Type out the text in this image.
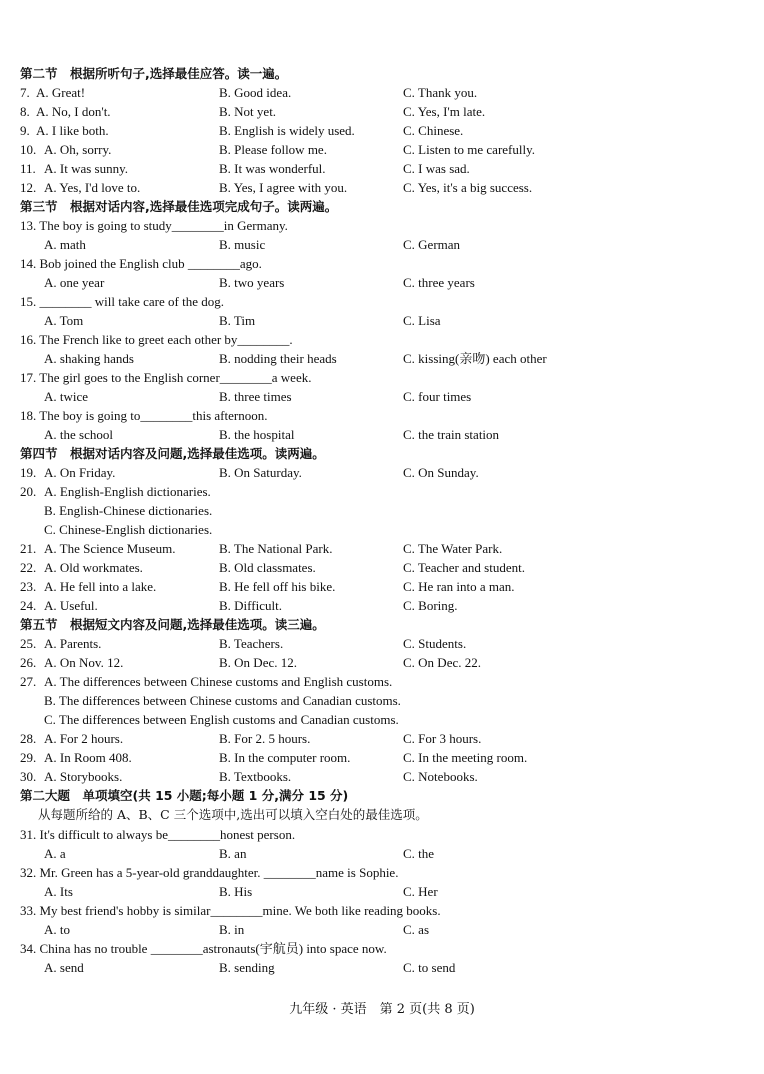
第二节　根据所听句子,选择最佳应答。读一遍。
7. A. Great!	B. Good idea.	C. Thank you.
8. A. No, I don't.	B. Not yet.	C. Yes, I'm late.
9. A. I like both.	B. English is widely used.	C. Chinese.
10. A. Oh, sorry.	B. Please follow me.	C. Listen to me carefully.
11. A. It was sunny.	B. It was wonderful.	C. I was sad.
12. A. Yes, I'd love to.	B. Yes, I agree with you.	C. Yes, it's a big success.
第三节　根据对话内容,选择最佳选项完成句子。读两遍。
13. The boy is going to study________in Germany.
A. math	B. music	C. German
14. Bob joined the English club ________ago.
A. one year	B. two years	C. three years
15. ________ will take care of the dog.
A. Tom	B. Tim	C. Lisa
16. The French like to greet each other by________.
A. shaking hands	B. nodding their heads	C. kissing(亲吻) each other
17. The girl goes to the English corner________a week.
A. twice	B. three times	C. four times
18. The boy is going to________this afternoon.
A. the school	B. the hospital	C. the train station
第四节　根据对话内容及问题,选择最佳选项。读两遍。
19. A. On Friday.	B. On Saturday.	C. On Sunday.
20. A. English-English dictionaries.
B. English-Chinese dictionaries.
C. Chinese-English dictionaries.
21. A. The Science Museum.	B. The National Park.	C. The Water Park.
22. A. Old workmates.	B. Old classmates.	C. Teacher and student.
23. A. He fell into a lake.	B. He fell off his bike.	C. He ran into a man.
24. A. Useful.	B. Difficult.	C. Boring.
第五节　根据短文内容及问题,选择最佳选项。读三遍。
25. A. Parents.	B. Teachers.	C. Students.
26. A. On Nov. 12.	B. On Dec. 12.	C. On Dec. 22.
27. A. The differences between Chinese customs and English customs.
B. The differences between Chinese customs and Canadian customs.
C. The differences between English customs and Canadian customs.
28. A. For 2 hours.	B. For 2. 5 hours.	C. For 3 hours.
29. A. In Room 408.	B. In the computer room.	C. In the meeting room.
30. A. Storybooks.	B. Textbooks.	C. Notebooks.
第二大题　单项填空(共 15 小题;每小题 1 分,满分 15 分)
从每题所给的 A、B、C 三个选项中,选出可以填入空白处的最佳选项。
31. It's difficult to always be________honest person.
A. a	B. an	C. the
32. Mr. Green has a 5-year-old granddaughter. ________name is Sophie.
A. Its	B. His	C. Her
33. My best friend's hobby is similar________mine. We both like reading books.
A. to	B. in	C. as
34. China has no trouble ________astronauts(宇航员) into space now.
A. send	B. sending	C. to send
九年级 · 英语　第 2 页(共 8 页)
